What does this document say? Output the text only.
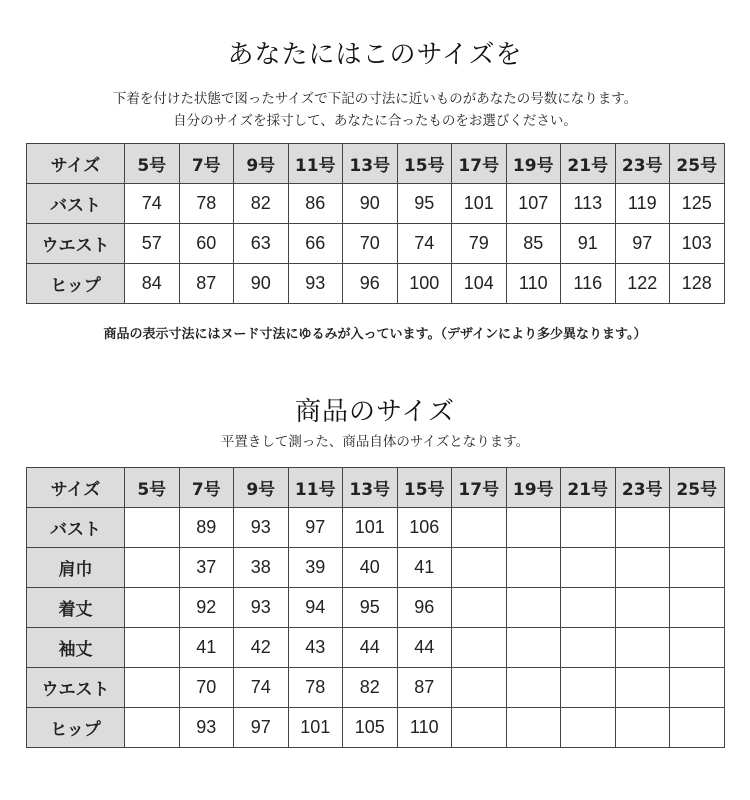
あなたにはこのサイズを
下着を付けた状態で図ったサイズで下記の寸法に近いものがあなたの号数になります。
自分のサイズを採寸して、あなたに合ったものをお選びください。
サイズ	5号	7号	9号	11号	13号	15号	17号	19号	21号	23号	25号
バスト	74	78	82	86	90	95	101	107	113	119	125
ウエスト	57	60	63	66	70	74	79	85	91	97	103
ヒップ	84	87	90	93	96	100	104	110	116	122	128
商品の表示寸法にはヌード寸法にゆるみが入っています。（デザインにより多少異なります。）
商品のサイズ
平置きして測った、商品自体のサイズとなります。
サイズ	5号	7号	9号	11号	13号	15号	17号	19号	21号	23号	25号
バスト		89	93	97	101	106					
肩巾		37	38	39	40	41					
着丈		92	93	94	95	96					
袖丈		41	42	43	44	44					
ウエスト		70	74	78	82	87					
ヒップ		93	97	101	105	110					
